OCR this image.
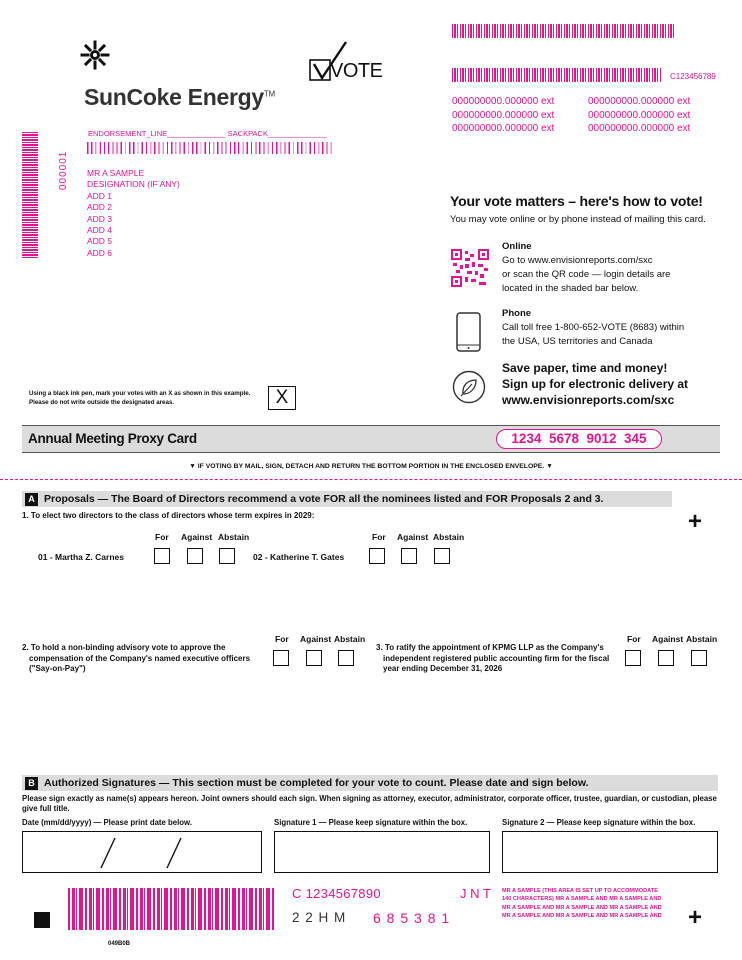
SunCoke Energy™
VOTE	C123456789
000000000.000000 ext	000000000.000000 ext
000000000.000000 ext	000000000.000000 ext
000000000.000000 ext	000000000.000000 ext
ENDORSEMENT_LINE______________ SACKPACK______________
000001 MR A SAMPLE
DESIGNATION (IF ANY)
ADD 1
ADD 2
ADD 3
ADD 4
ADD 5
ADD 6
Your vote matters – here's how to vote!
You may vote online or by phone instead of mailing this card.
Online
Go to www.envisionreports.com/sxc
or scan the QR code — login details are
located in the shaded bar below.
Phone
Call toll free 1-800-652-VOTE (8683) within
the USA, US territories and Canada
Save paper, time and money!
Sign up for electronic delivery at
www.envisionreports.com/sxc
Using a black ink pen, mark your votes with an X as shown in this example.
Please do not write outside the designated areas.	X
Annual Meeting Proxy Card	1234  5678  9012  345
▼ IF VOTING BY MAIL, SIGN, DETACH AND RETURN THE BOTTOM PORTION IN THE ENCLOSED ENVELOPE. ▼
A Proposals — The Board of Directors recommend a vote FOR all the nominees listed and FOR Proposals 2 and 3.
1. To elect two directors to the class of directors whose term expires in 2029:	+
For Against Abstain	For Against Abstain
01 - Martha Z. Carnes	02 - Katherine T. Gates
2. To hold a non-binding advisory vote to approve the
compensation of the Company's named executive officers
("Say-on-Pay")
For Against Abstain
3. To ratify the appointment of KPMG LLP as the Company's
independent registered public accounting firm for the fiscal
year ending December 31, 2026
For Against Abstain
B Authorized Signatures — This section must be completed for your vote to count. Please date and sign below.
Please sign exactly as name(s) appears hereon. Joint owners should each sign. When signing as attorney, executor, administrator, corporate officer, trustee, guardian, or custodian, please give full title.
Date (mm/dd/yyyy) — Please print date below.	Signature 1 — Please keep signature within the box.	Signature 2 — Please keep signature within the box.
049B0B
C 1234567890	J N T
2 2 H M 6 8 5 3 8 1
MR A SAMPLE (THIS AREA IS SET UP TO ACCOMMODATE
140 CHARACTERS) MR A SAMPLE AND MR A SAMPLE AND
MR A SAMPLE AND MR A SAMPLE AND MR A SAMPLE AND
MR A SAMPLE AND MR A SAMPLE AND MR A SAMPLE AND +
